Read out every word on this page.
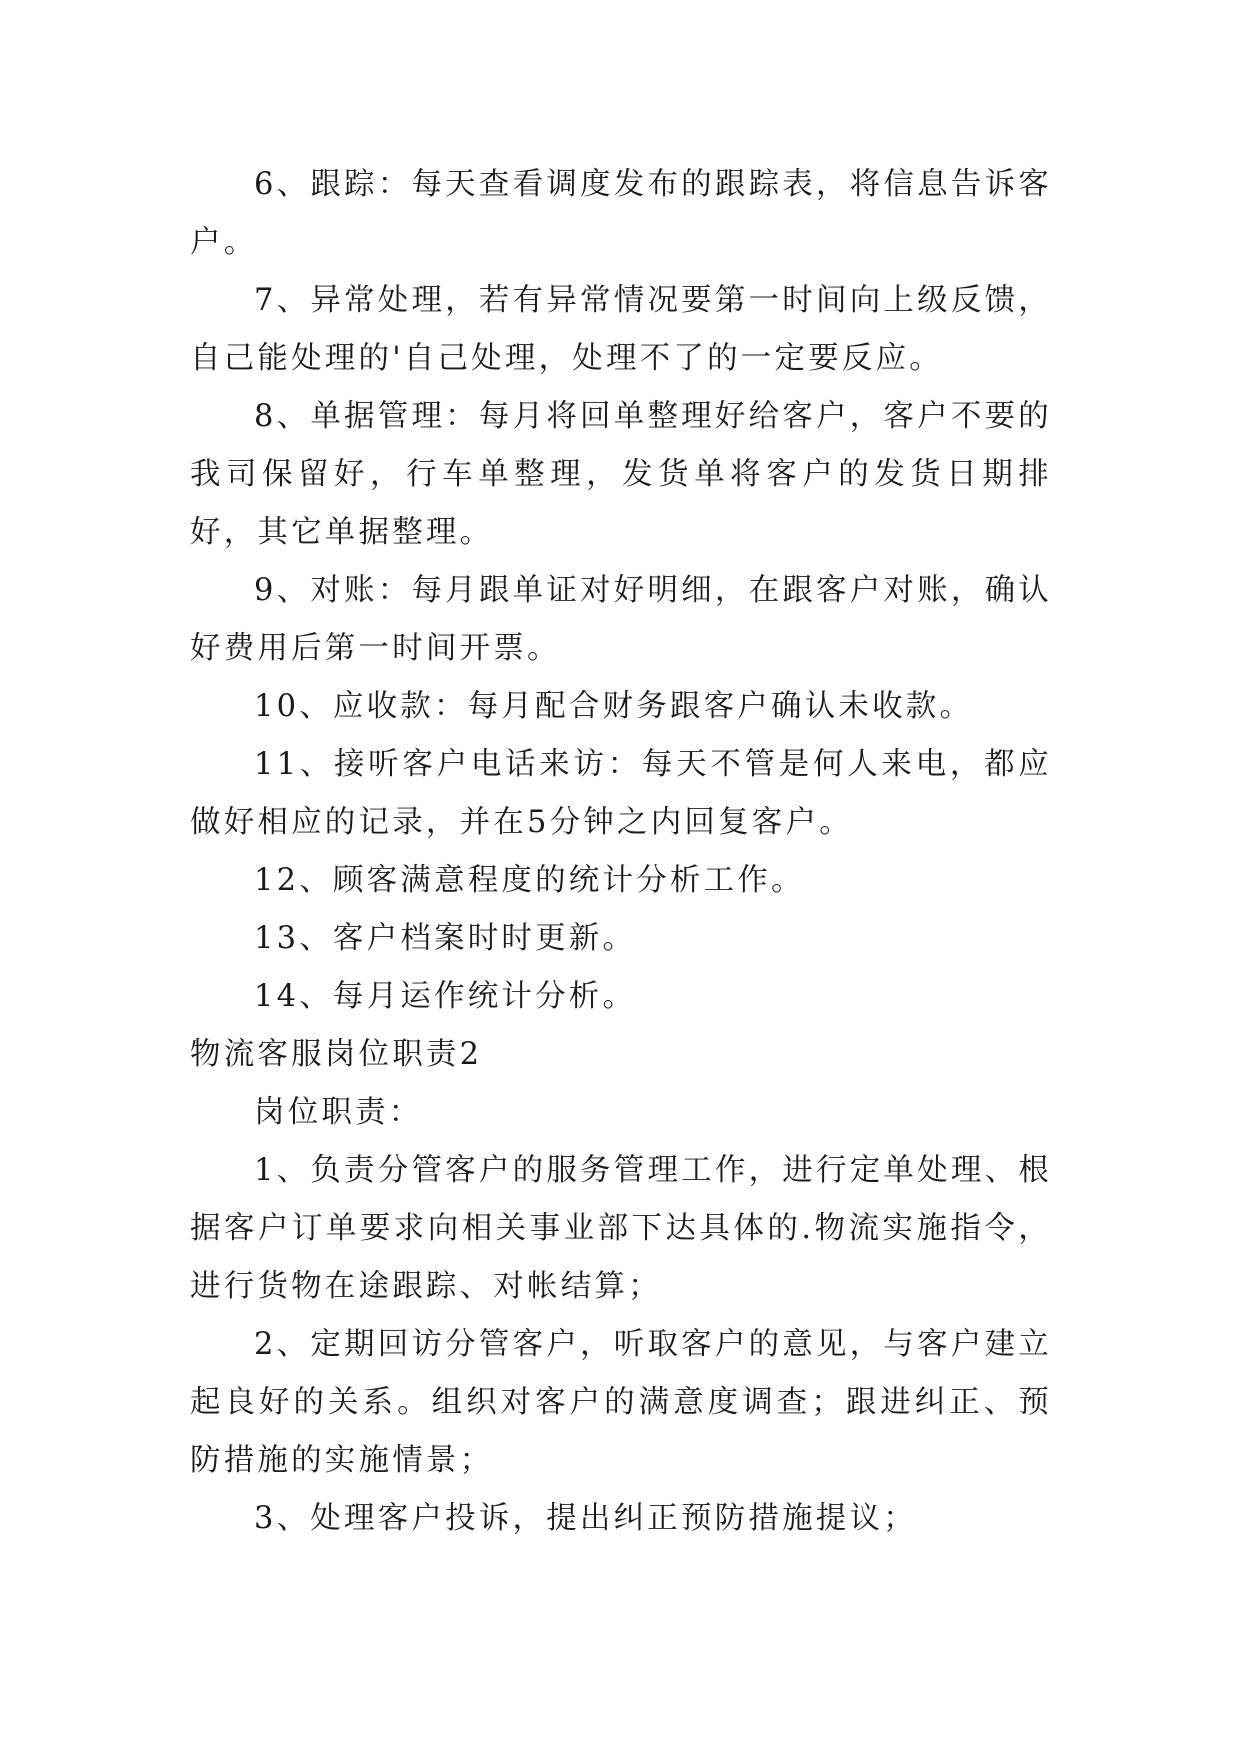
6、跟踪：每天查看调度发布的跟踪表，将信息告诉客户。

7、异常处理，若有异常情况要第一时间向上级反馈，自己能处理的'自己处理，处理不了的一定要反应。

8、单据管理：每月将回单整理好给客户，客户不要的我司保留好，行车单整理，发货单将客户的发货日期排好，其它单据整理。

9、对账：每月跟单证对好明细，在跟客户对账，确认好费用后第一时间开票。

10、应收款：每月配合财务跟客户确认未收款。

11、接听客户电话来访：每天不管是何人来电，都应做好相应的记录，并在5分钟之内回复客户。

12、顾客满意程度的统计分析工作。

13、客户档案时时更新。

14、每月运作统计分析。

物流客服岗位职责2

岗位职责：

1、负责分管客户的服务管理工作，进行定单处理、根据客户订单要求向相关事业部下达具体的.物流实施指令，进行货物在途跟踪、对帐结算；

2、定期回访分管客户，听取客户的意见，与客户建立起良好的关系。组织对客户的满意度调查；跟进纠正、预防措施的实施情景；

3、处理客户投诉，提出纠正预防措施提议；
